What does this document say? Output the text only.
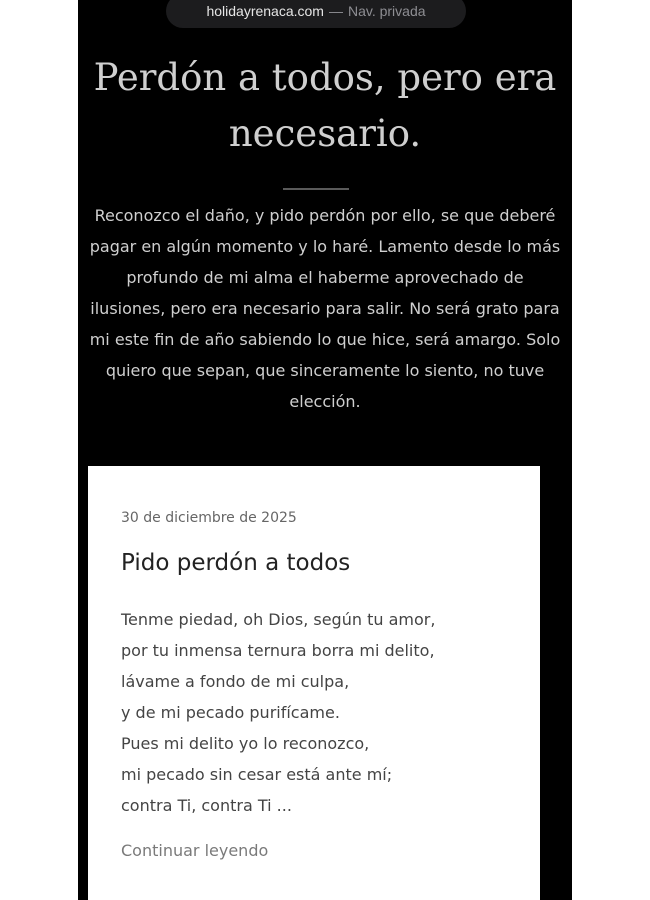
holidayrenaca.com — Nav. privada
Perdón a todos, pero era necesario.

Reconozco el daño, y pido perdón por ello, se que deberé pagar en algún momento y lo haré. Lamento desde lo más profundo de mi alma el haberme aprovechado de ilusiones, pero era necesario para salir. No será grato para mi este fin de año sabiendo lo que hice, será amargo. Solo quiero que sepan, que sinceramente lo siento, no tuve elección.

30 de diciembre de 2025
Pido perdón a todos
Tenme piedad, oh Dios, según tu amor,
por tu inmensa ternura borra mi delito,
lávame a fondo de mi culpa,
y de mi pecado purifícame.
Pues mi delito yo lo reconozco,
mi pecado sin cesar está ante mí;
contra Ti, contra Ti ...
Continuar leyendo
